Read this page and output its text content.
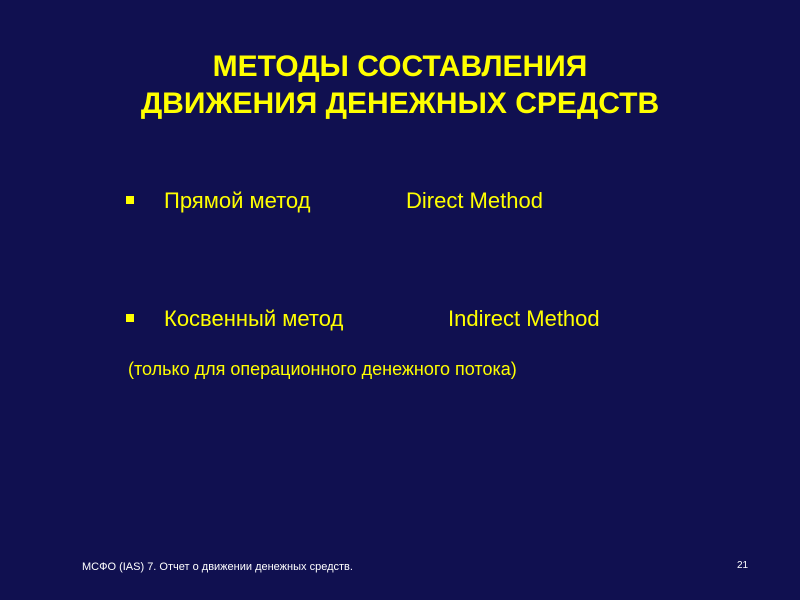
МЕТОДЫ СОСТАВЛЕНИЯ
ДВИЖЕНИЯ ДЕНЕЖНЫХ СРЕДСТВ
Прямой метод	Direct Method
Косвенный метод	Indirect Method
(только для операционного денежного потока)
МСФО (IAS) 7. Отчет о движении денежных средств.	21
